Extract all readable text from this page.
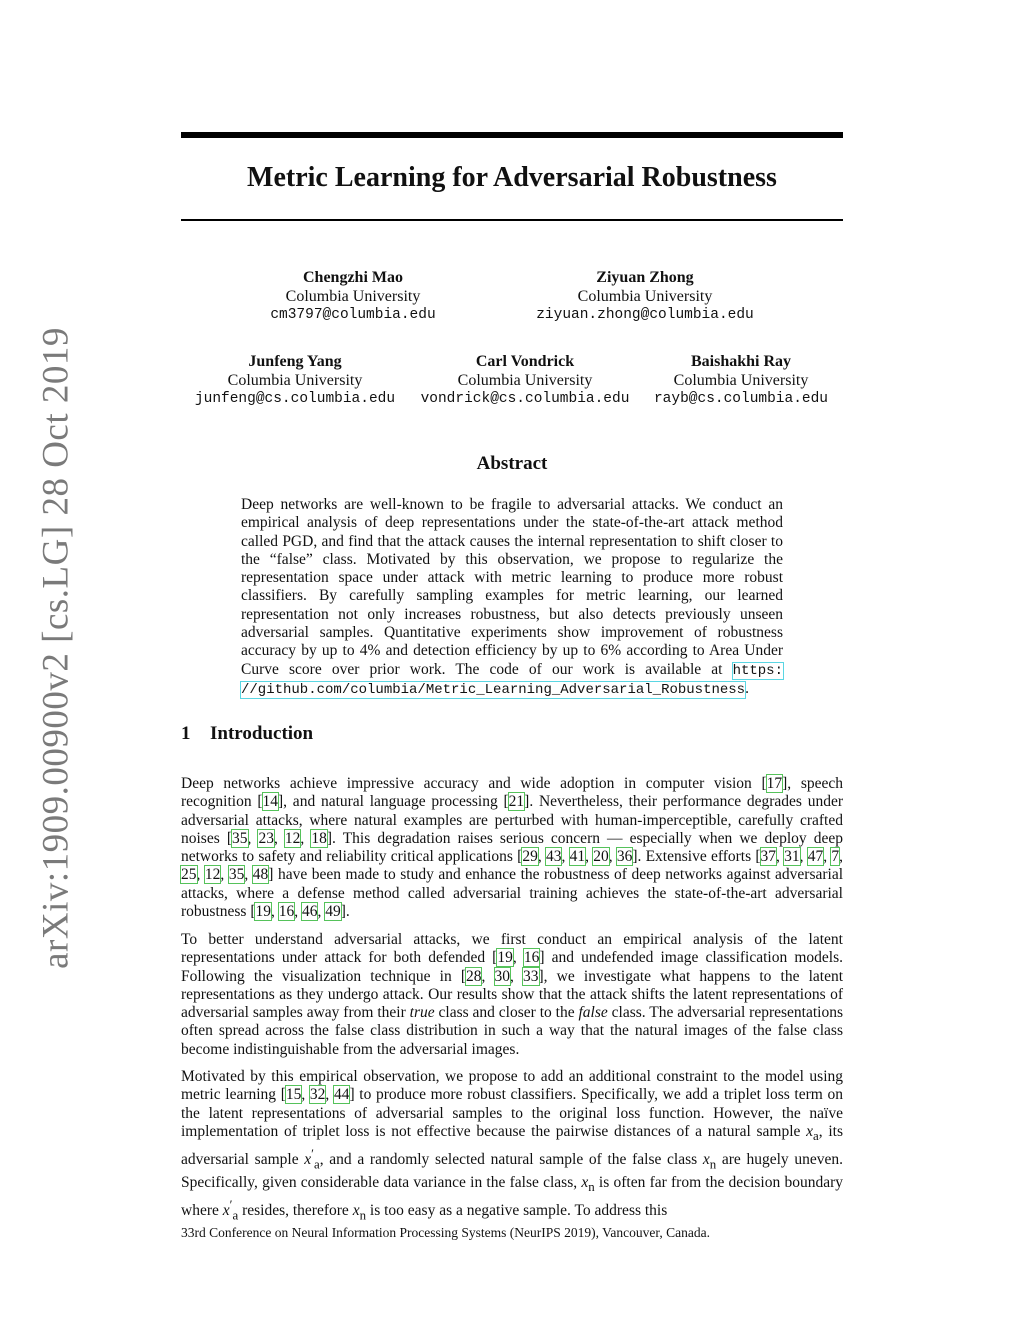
arXiv:1909.00900v2 [cs.LG] 28 Oct 2019
Metric Learning for Adversarial Robustness
Chengzhi Mao
Columbia University
cm3797@columbia.edu
Ziyuan Zhong
Columbia University
ziyuan.zhong@columbia.edu
Junfeng Yang
Columbia University
junfeng@cs.columbia.edu
Carl Vondrick
Columbia University
vondrick@cs.columbia.edu
Baishakhi Ray
Columbia University
rayb@cs.columbia.edu
Abstract

Deep networks are well-known to be fragile to adversarial attacks. We conduct an empirical analysis of deep representations under the state-of-the-art attack method called PGD, and find that the attack causes the internal representation to shift closer to the “false” class. Motivated by this observation, we propose to regularize the representation space under attack with metric learning to produce more robust classifiers. By carefully sampling examples for metric learning, our learned representation not only increases robustness, but also detects previously unseen adversarial samples. Quantitative experiments show improvement of robustness accuracy by up to 4% and detection efficiency by up to 6% according to Area Under Curve score over prior work. The code of our work is available at https: //github.com/columbia/Metric_Learning_Adversarial_Robustness.

1 Introduction

Deep networks achieve impressive accuracy and wide adoption in computer vision [17], speech recognition [14], and natural language processing [21]. Nevertheless, their performance degrades under adversarial attacks, where natural examples are perturbed with human-imperceptible, carefully crafted noises [35, 23, 12, 18]. This degradation raises serious concern — especially when we deploy deep networks to safety and reliability critical applications [29, 43, 41, 20, 36]. Extensive efforts [37, 31, 47, 7, 25, 12, 35, 48] have been made to study and enhance the robustness of deep networks against adversarial attacks, where a defense method called adversarial training achieves the state-of-the-art adversarial robustness [19, 16, 46, 49].

To better understand adversarial attacks, we first conduct an empirical analysis of the latent representations under attack for both defended [19, 16] and undefended image classification models. Following the visualization technique in [28, 30, 33], we investigate what happens to the latent representations as they undergo attack. Our results show that the attack shifts the latent representations of adversarial samples away from their true class and closer to the false class. The adversarial representations often spread across the false class distribution in such a way that the natural images of the false class become indistinguishable from the adversarial images.

Motivated by this empirical observation, we propose to add an additional constraint to the model using metric learning [15, 32, 44] to produce more robust classifiers. Specifically, we add a triplet loss term on the latent representations of adversarial samples to the original loss function. However, the naïve implementation of triplet loss is not effective because the pairwise distances of a natural sample $x_a$, its adversarial sample $x'_a$, and a randomly selected natural sample of the false class $x_n$ are hugely uneven. Specifically, given considerable data variance in the false class, $x_n$ is often far from the decision boundary where $x'_a$ resides, therefore $x_n$ is too easy as a negative sample. To address this

33rd Conference on Neural Information Processing Systems (NeurIPS 2019), Vancouver, Canada.
